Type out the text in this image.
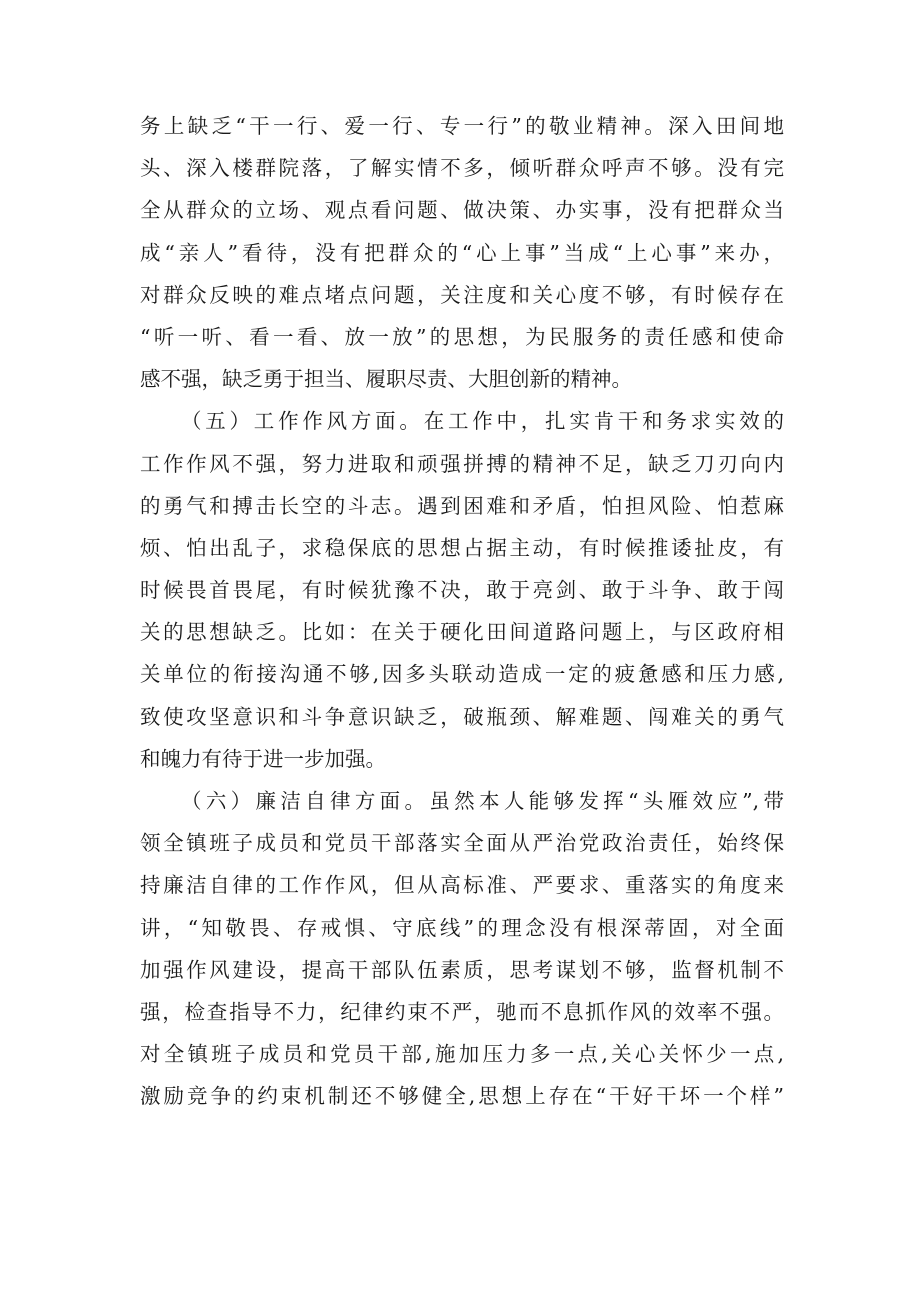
务上缺乏“干一行、爱一行、专一行”的敬业精神。深入田间地
头、深入楼群院落，了解实情不多，倾听群众呼声不够。没有完
全从群众的立场、观点看问题、做决策、办实事，没有把群众当
成“亲人”看待，没有把群众的“心上事”当成“上心事”来办，
对群众反映的难点堵点问题，关注度和关心度不够，有时候存在
“听一听、看一看、放一放”的思想，为民服务的责任感和使命
感不强，缺乏勇于担当、履职尽责、大胆创新的精神。
（五）工作作风方面。在工作中，扎实肯干和务求实效的
工作作风不强，努力进取和顽强拼搏的精神不足，缺乏刀刃向内
的勇气和搏击长空的斗志。遇到困难和矛盾，怕担风险、怕惹麻
烦、怕出乱子，求稳保底的思想占据主动，有时候推诿扯皮，有
时候畏首畏尾，有时候犹豫不决，敢于亮剑、敢于斗争、敢于闯
关的思想缺乏。比如：在关于硬化田间道路问题上，与区政府相
关单位的衔接沟通不够,因多头联动造成一定的疲惫感和压力感,
致使攻坚意识和斗争意识缺乏，破瓶颈、解难题、闯难关的勇气
和魄力有待于进一步加强。
（六）廉洁自律方面。虽然本人能够发挥“头雁效应”,带
领全镇班子成员和党员干部落实全面从严治党政治责任，始终保
持廉洁自律的工作作风，但从高标准、严要求、重落实的角度来
讲，“知敬畏、存戒惧、守底线”的理念没有根深蒂固，对全面
加强作风建设，提高干部队伍素质，思考谋划不够，监督机制不
强，检查指导不力，纪律约束不严，驰而不息抓作风的效率不强。
对全镇班子成员和党员干部,施加压力多一点,关心关怀少一点,
激励竞争的约束机制还不够健全,思想上存在“干好干坏一个样”
